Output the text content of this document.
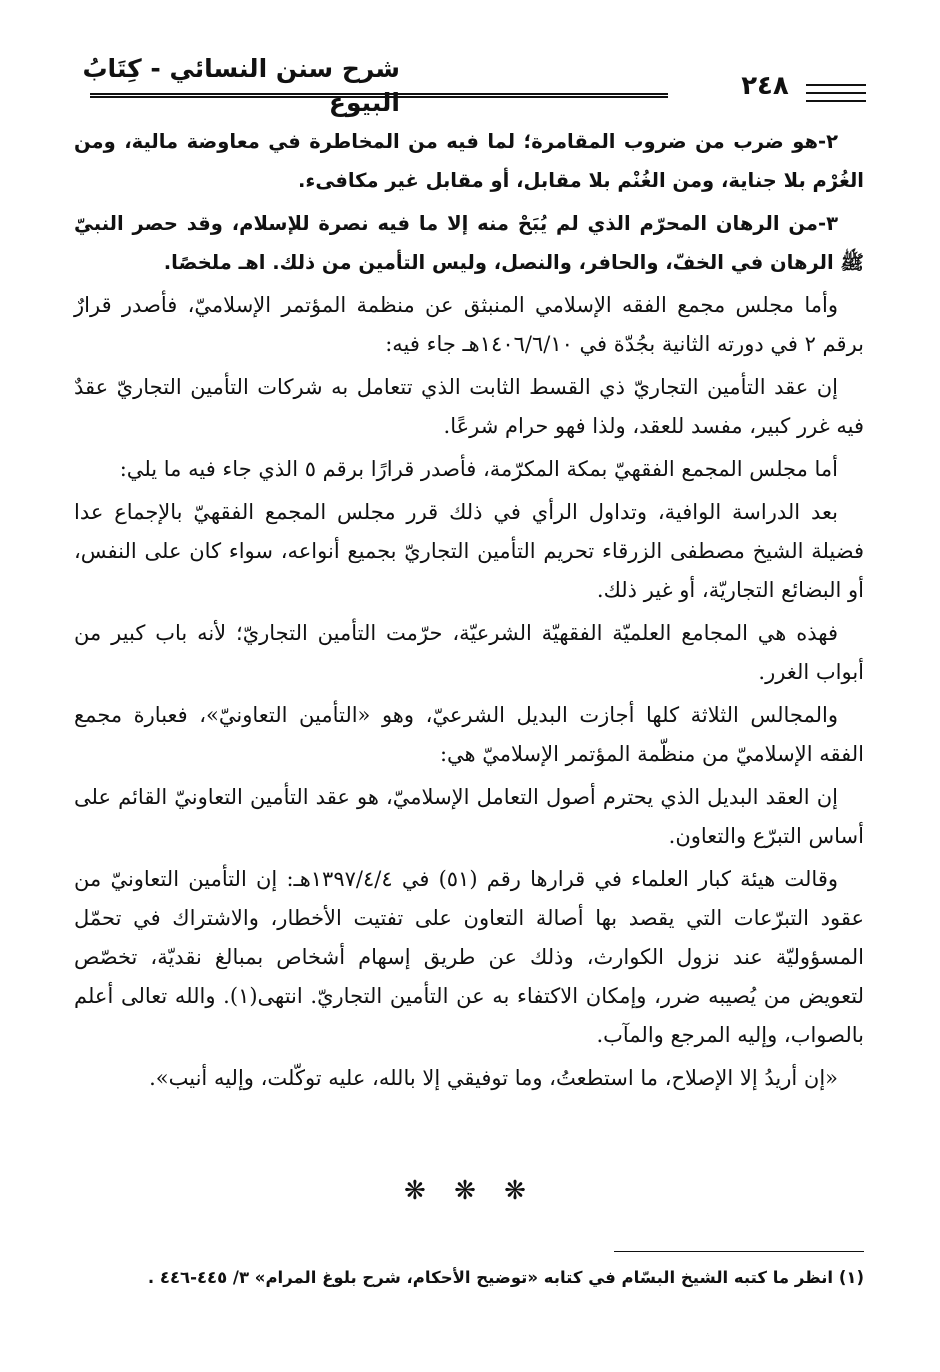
شرح سنن النسائي - كِتَابُ البيوع
٢٤٨

٢-هو ضرب من ضروب المقامرة؛ لما فيه من المخاطرة في معاوضة مالية، ومن الغُرْم بلا جناية، ومن الغُنْم بلا مقابل، أو مقابل غير مكافىء.

٣-من الرهان المحرّم الذي لم يُبَحْ منه إلا ما فيه نصرة للإسلام، وقد حصر النبيّ ﷺ الرهان في الخفّ، والحافر، والنصل، وليس التأمين من ذلك. اهـ ملخصًا.

وأما مجلس مجمع الفقه الإسلامي المنبثق عن منظمة المؤتمر الإسلاميّ، فأصدر قرارٌ برقم ٢ في دورته الثانية بجُدّة في ١٤٠٦/٦/١٠هـ جاء فيه:

إن عقد التأمين التجاريّ ذي القسط الثابت الذي تتعامل به شركات التأمين التجاريّ عقدٌ فيه غرر كبير، مفسد للعقد، ولذا فهو حرام شرعًا.

أما مجلس المجمع الفقهيّ بمكة المكرّمة، فأصدر قرارًا برقم ٥ الذي جاء فيه ما يلي:

بعد الدراسة الوافية، وتداول الرأي في ذلك قرر مجلس المجمع الفقهيّ بالإجماع عدا فضيلة الشيخ مصطفى الزرقاء تحريم التأمين التجاريّ بجميع أنواعه، سواء كان على النفس، أو البضائع التجاريّة، أو غير ذلك.

فهذه هي المجامع العلميّة الفقهيّة الشرعيّة، حرّمت التأمين التجاريّ؛ لأنه باب كبير من أبواب الغرر.

والمجالس الثلاثة كلها أجازت البديل الشرعيّ، وهو «التأمين التعاونيّ»، فعبارة مجمع الفقه الإسلاميّ من منظّمة المؤتمر الإسلاميّ هي:

إن العقد البديل الذي يحترم أصول التعامل الإسلاميّ، هو عقد التأمين التعاونيّ القائم على أساس التبرّع والتعاون.

وقالت هيئة كبار العلماء في قرارها رقم (٥١) في ١٣٩٧/٤/٤هـ: إن التأمين التعاونيّ من عقود التبرّعات التي يقصد بها أصالة التعاون على تفتيت الأخطار، والاشتراك في تحمّل المسؤوليّة عند نزول الكوارث، وذلك عن طريق إسهام أشخاص بمبالغ نقديّة، تخصّص لتعويض من يُصيبه ضرر، وإمكان الاكتفاء به عن التأمين التجاريّ. انتهى(١). والله تعالى أعلم بالصواب، وإليه المرجع والمآب.

«إن أريدُ إلا الإصلاح، ما استطعتُ، وما توفيقي إلا بالله، عليه توكّلت، وإليه أنيب».

❋ ❋ ❋
(١) انظر ما كتبه الشيخ البسّام في كتابه «توضيح الأحكام، شرح بلوغ المرام» ٣/ ٤٤٥-٤٤٦ .
